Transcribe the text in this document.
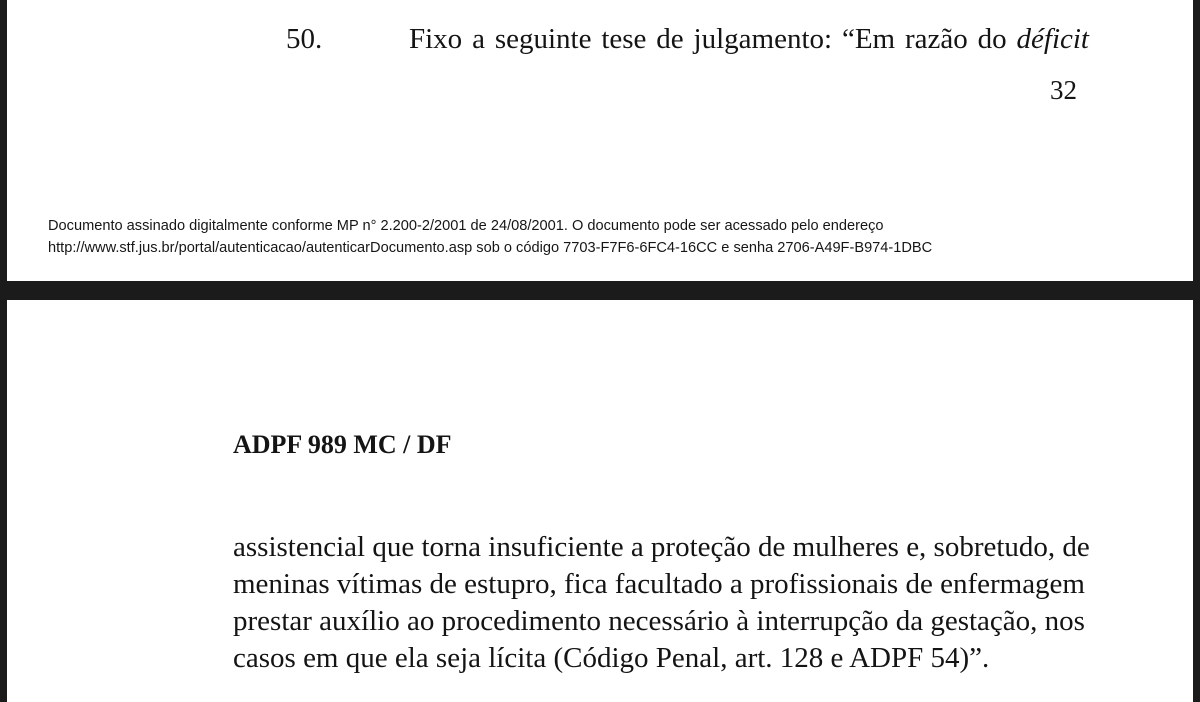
50.	Fixo a seguinte tese de julgamento: “Em razão do déficit
32
Documento assinado digitalmente conforme MP n° 2.200-2/2001 de 24/08/2001. O documento pode ser acessado pelo endereço
http://www.stf.jus.br/portal/autenticacao/autenticarDocumento.asp sob o código 7703-F7F6-6FC4-16CC e senha 2706-A49F-B974-1DBC
ADPF 989 MC / DF
assistencial que torna insuficiente a proteção de mulheres e, sobretudo, de
meninas vítimas de estupro, fica facultado a profissionais de enfermagem
prestar auxílio ao procedimento necessário à interrupção da gestação, nos
casos em que ela seja lícita (Código Penal, art. 128 e ADPF 54)”.
